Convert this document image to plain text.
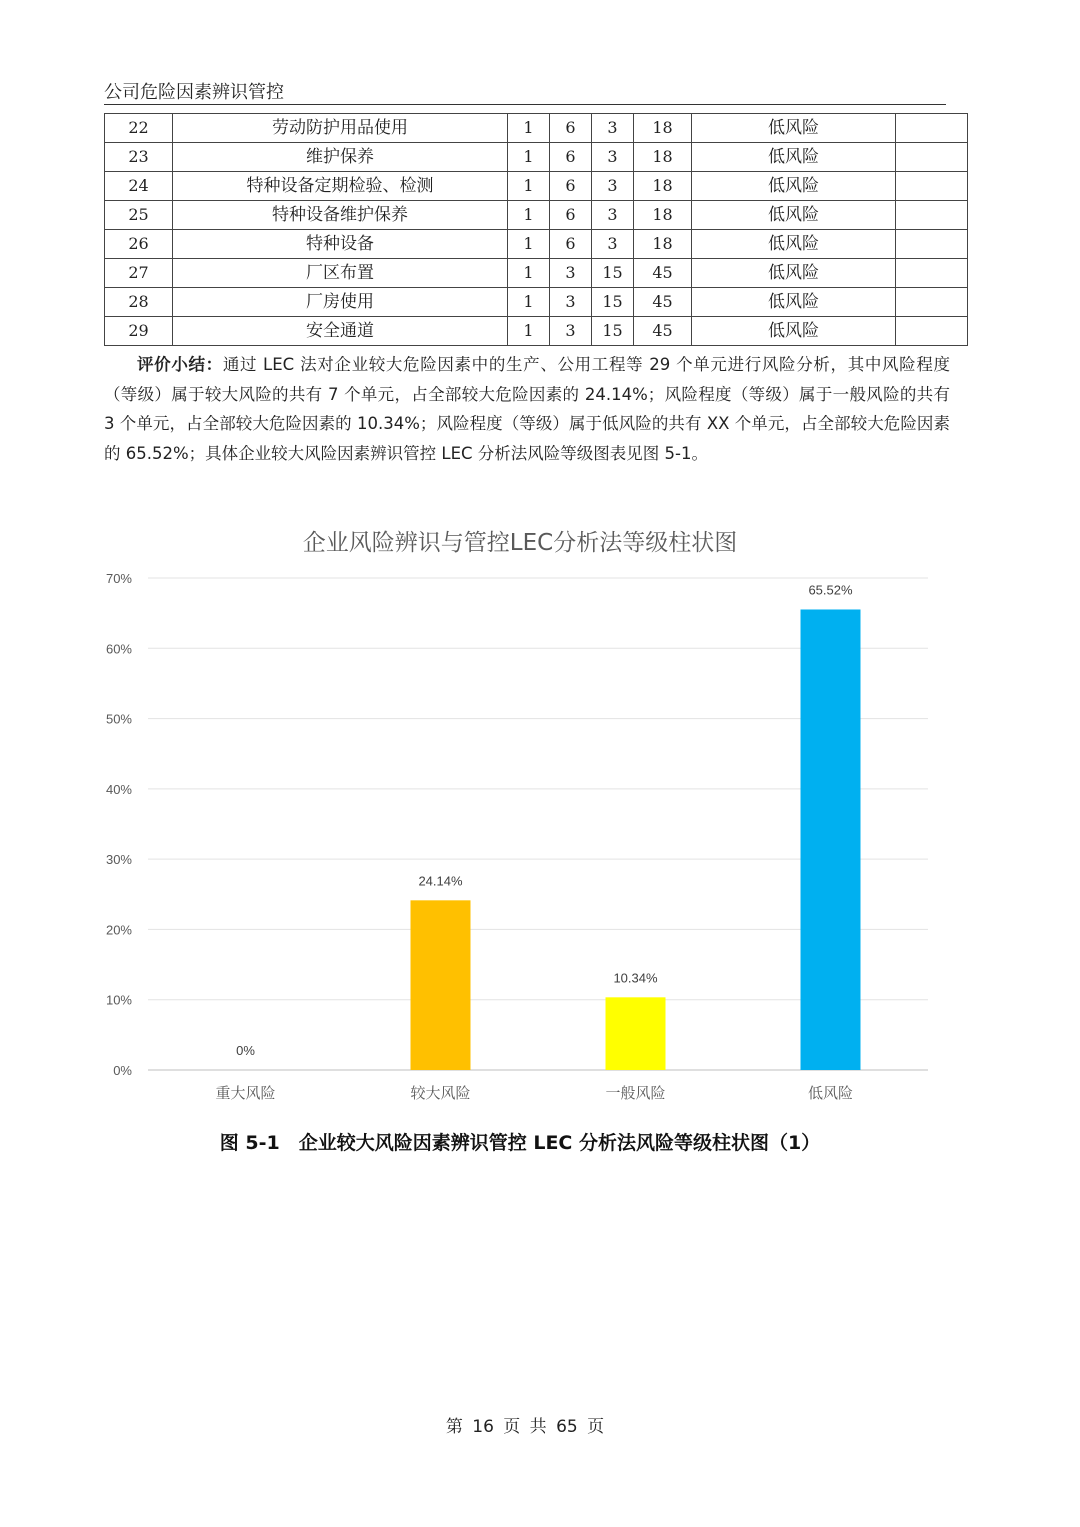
公司危险因素辨识管控
22	劳动防护用品使用	1	6	3	18	低风险	
23	维护保养	1	6	3	18	低风险	
24	特种设备定期检验、检测	1	6	3	18	低风险	
25	特种设备维护保养	1	6	3	18	低风险	
26	特种设备	1	6	3	18	低风险	
27	厂区布置	1	3	15	45	低风险	
28	厂房使用	1	3	15	45	低风险	
29	安全通道	1	3	15	45	低风险	
评价小结：通过 LEC 法对企业较大危险因素中的生产、公用工程等 29 个单元进行风险分析，其中风险程度（等级）属于较大风险的共有 7 个单元，占全部较大危险因素的 24.14%；风险程度（等级）属于一般风险的共有 3 个单元，占全部较大危险因素的 10.34%；风险程度（等级）属于低风险的共有 XX 个单元，占全部较大危险因素的 65.52%；具体企业较大风险因素辨识管控 LEC 分析法风险等级图表见图 5-1。
企业风险辨识与管控LEC分析法等级柱状图
0%
10%
20%
30%
40%
50%
60%
70%
0%
重大风险
24.14%
较大风险
10.34%
一般风险
65.52%
低风险
图 5-1　企业较大风险因素辨识管控 LEC 分析法风险等级柱状图（1）
第 16 页 共 65 页
